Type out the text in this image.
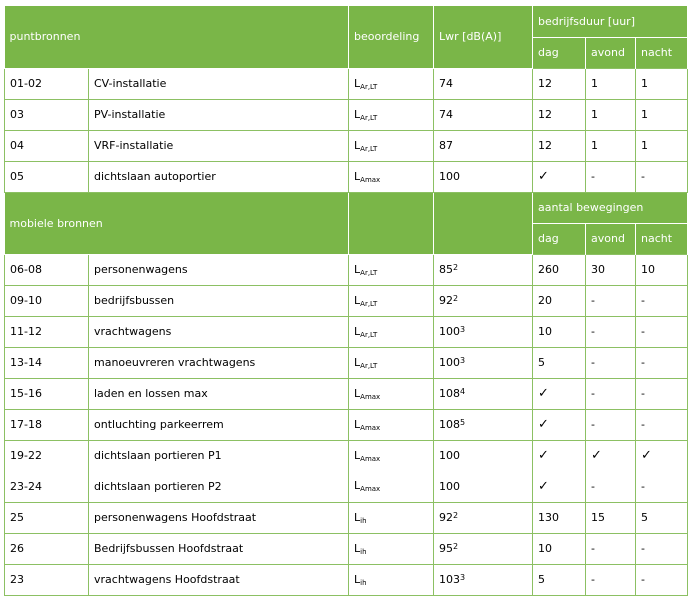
puntbronnen		beoordeling	Lwr [dB(A)]	bedrijfsduur [uur]		
				dag	avond	nacht
01-02	CV-installatie	$L_{Ar,LT}$	74	12	1	1
03	PV-installatie	$L_{Ar,LT}$	74	12	1	1
04	VRF-installatie	$L_{Ar,LT}$	87	12	1	1
05	dichtslaan autoportier	$L_{Amax}$	100	✓	-	-
mobiele bronnen				aantal bewegingen		
				dag	avond	nacht
06-08	personenwagens	$L_{Ar,LT}$	$85^2$	260	30	10
09-10	bedrijfsbussen	$L_{Ar,LT}$	$92^2$	20	-	-
11-12	vrachtwagens	$L_{Ar,LT}$	$100^3$	10	-	-
13-14	manoeuvreren vrachtwagens	$L_{Ar,LT}$	$100^3$	5	-	-
15-16	laden en lossen max	$L_{Amax}$	$108^4$	✓	-	-
17-18	ontluchting parkeerrem	$L_{Amax}$	$108^5$	✓	-	-
19-22	dichtslaan portieren P1	$L_{Amax}$	100	✓	✓	✓
23-24	dichtslaan portieren P2	$L_{Amax}$	100	✓	-	-
25	personenwagens Hoofdstraat	$L_{ih}$	$92^2$	130	15	5
26	Bedrijfsbussen Hoofdstraat	$L_{ih}$	$95^2$	10	-	-
23	vrachtwagens Hoofdstraat	$L_{ih}$	$103^3$	5	-	-
